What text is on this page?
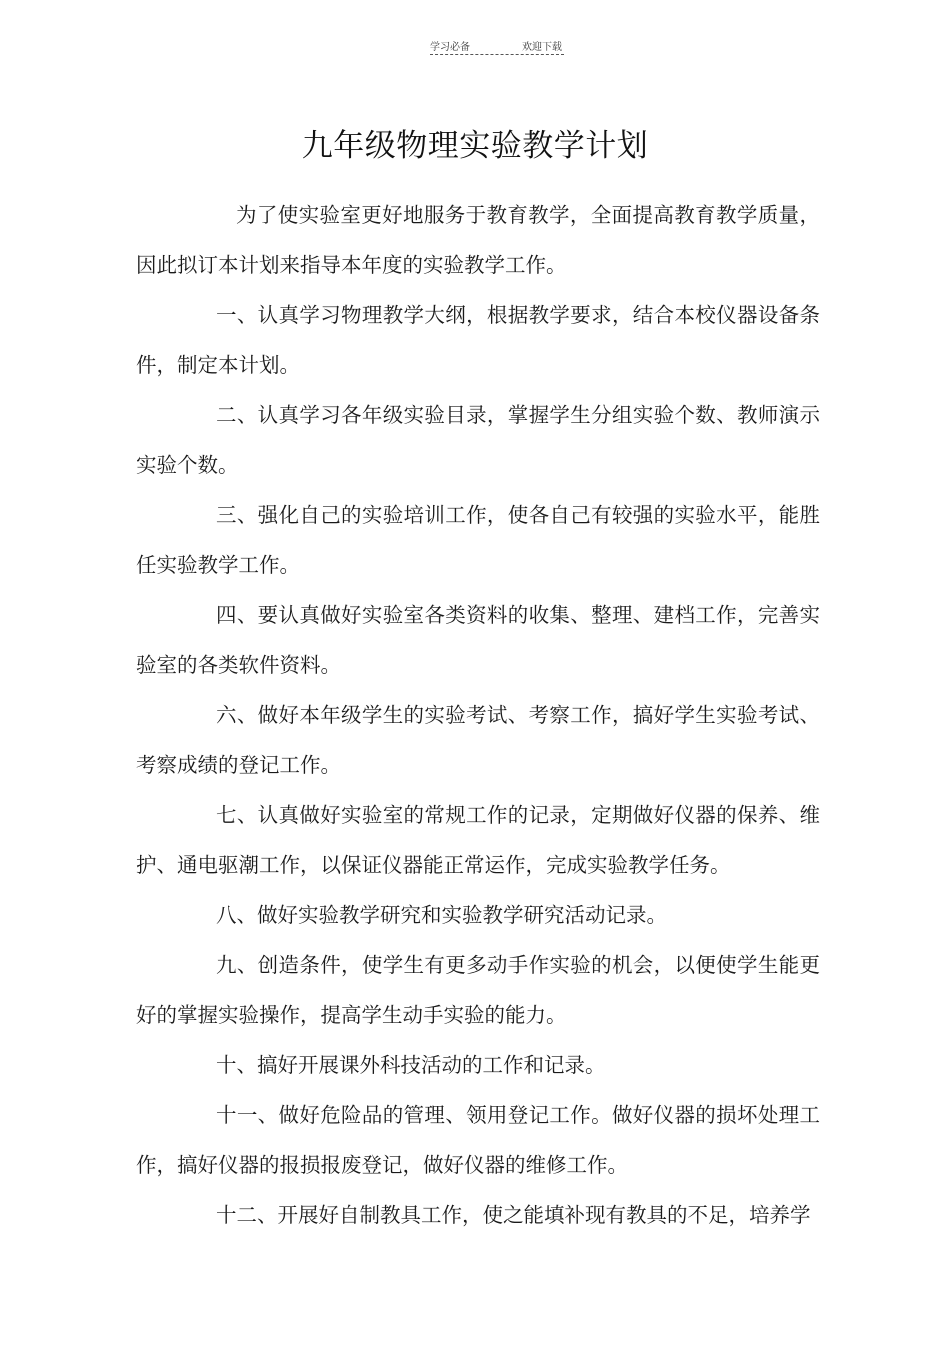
学习必备	欢迎下载
九年级物理实验教学计划

为了使实验室更好地服务于教育教学，全面提高教育教学质量，因此拟订本计划来指导本年度的实验教学工作。

一、认真学习物理教学大纲，根据教学要求，结合本校仪器设备条件，制定本计划。

二、认真学习各年级实验目录，掌握学生分组实验个数、教师演示实验个数。

三、强化自己的实验培训工作，使各自己有较强的实验水平，能胜任实验教学工作。

四、要认真做好实验室各类资料的收集、整理、建档工作，完善实验室的各类软件资料。

六、做好本年级学生的实验考试、考察工作，搞好学生实验考试、考察成绩的登记工作。

七、认真做好实验室的常规工作的记录，定期做好仪器的保养、维护、通电驱潮工作，以保证仪器能正常运作，完成实验教学任务。

八、做好实验教学研究和实验教学研究活动记录。

九、创造条件，使学生有更多动手作实验的机会，以便使学生能更好的掌握实验操作，提高学生动手实验的能力。

十、搞好开展课外科技活动的工作和记录。

十一、做好危险品的管理、领用登记工作。做好仪器的损坏处理工作，搞好仪器的报损报废登记，做好仪器的维修工作。

十二、开展好自制教具工作，使之能填补现有教具的不足，培养学
